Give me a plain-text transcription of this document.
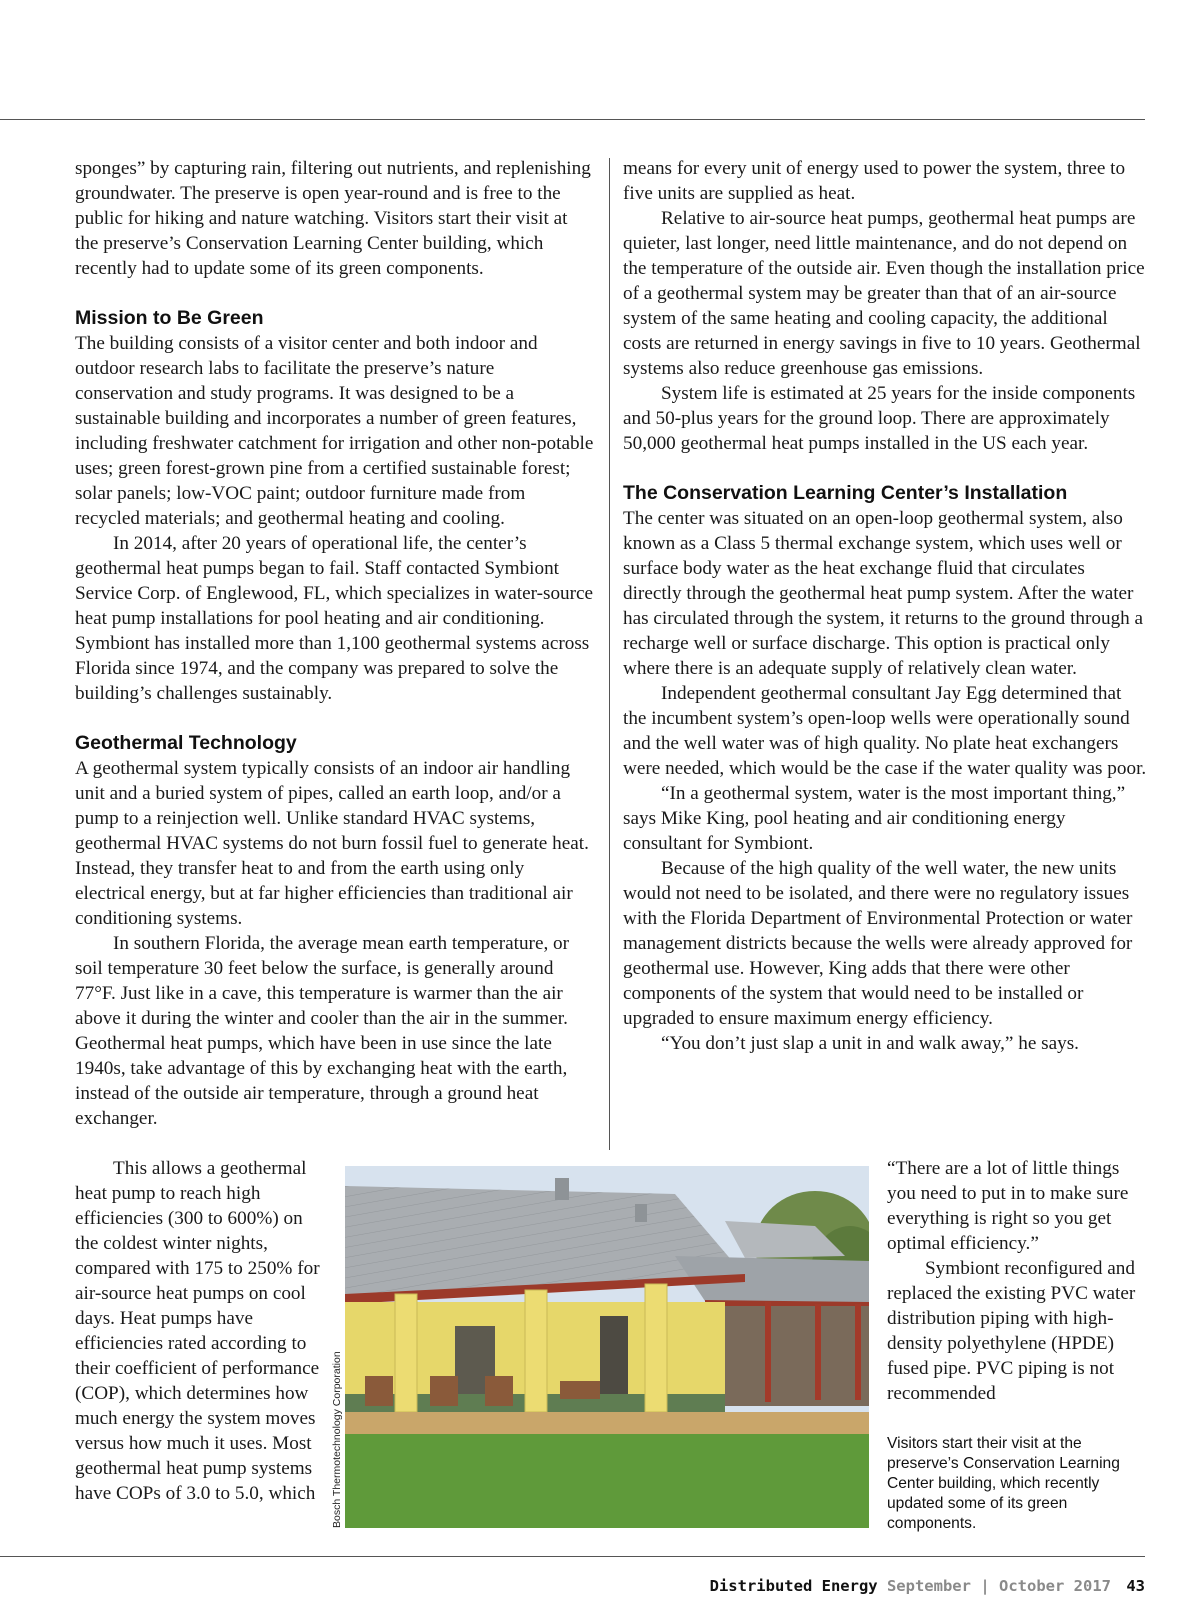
sponges” by capturing rain, filtering out nutrients, and replenishing groundwater. The preserve is open year-round and is free to the public for hiking and nature watching. Visitors start their visit at the preserve’s Conservation Learning Center building, which recently had to update some of its green components.

Mission to Be Green

The building consists of a visitor center and both indoor and outdoor research labs to facilitate the preserve’s nature conservation and study programs. It was designed to be a sustainable building and incorporates a number of green features, including freshwater catchment for irrigation and other non-potable uses; green forest-grown pine from a certified sustainable forest; solar panels; low-VOC paint; outdoor furniture made from recycled materials; and geothermal heating and cooling.

In 2014, after 20 years of operational life, the center’s geothermal heat pumps began to fail. Staff contacted Symbiont Service Corp. of Englewood, FL, which specializes in water-source heat pump installations for pool heating and air conditioning. Symbiont has installed more than 1,100 geothermal systems across Florida since 1974, and the company was prepared to solve the building’s challenges sustainably.

Geothermal Technology

A geothermal system typically consists of an indoor air handling unit and a buried system of pipes, called an earth loop, and/or a pump to a reinjection well. Unlike standard HVAC systems, geothermal HVAC systems do not burn fossil fuel to generate heat. Instead, they transfer heat to and from the earth using only electrical energy, but at far higher efficiencies than traditional air conditioning systems.

In southern Florida, the average mean earth temperature, or soil temperature 30 feet below the surface, is generally around 77°F. Just like in a cave, this temperature is warmer than the air above it during the winter and cooler than the air in the summer. Geothermal heat pumps, which have been in use since the late 1940s, take advantage of this by exchanging heat with the earth, instead of the outside air temperature, through a ground heat exchanger.

This allows a geothermal heat pump to reach high efficiencies (300 to 600%) on the coldest winter nights, compared with 175 to 250% for air-source heat pumps on cool days. Heat pumps have efficiencies rated according to their coefficient of performance (COP), which determines how much energy the system moves versus how much it uses. Most geothermal heat pump systems have COPs of 3.0 to 5.0, which

means for every unit of energy used to power the system, three to five units are supplied as heat.

Relative to air-source heat pumps, geothermal heat pumps are quieter, last longer, need little maintenance, and do not depend on the temperature of the outside air. Even though the installation price of a geothermal system may be greater than that of an air-source system of the same heating and cooling capacity, the additional costs are returned in energy savings in five to 10 years. Geothermal systems also reduce greenhouse gas emissions.

System life is estimated at 25 years for the inside components and 50-plus years for the ground loop. There are approximately 50,000 geothermal heat pumps installed in the US each year.

The Conservation Learning Center’s Installation

The center was situated on an open-loop geothermal system, also known as a Class 5 thermal exchange system, which uses well or surface body water as the heat exchange fluid that circulates directly through the geothermal heat pump system. After the water has circulated through the system, it returns to the ground through a recharge well or surface discharge. This option is practical only where there is an adequate supply of relatively clean water.

Independent geothermal consultant Jay Egg determined that the incumbent system’s open-loop wells were operationally sound and the well water was of high quality. No plate heat exchangers were needed, which would be the case if the water quality was poor.

“In a geothermal system, water is the most important thing,” says Mike King, pool heating and air conditioning energy consultant for Symbiont.

Because of the high quality of the well water, the new units would not need to be isolated, and there were no regulatory issues with the Florida Department of Environmental Protection or water management districts because the wells were already approved for geothermal use. However, King adds that there were other components of the system that would need to be installed or upgraded to ensure maximum energy efficiency.

“You don’t just slap a unit in and walk away,” he says.

“There are a lot of little things you need to put in to make sure everything is right so you get optimal efficiency.”

Symbiont reconfigured and replaced the existing PVC water distribution piping with high-density polyethylene (HPDE) fused pipe. PVC piping is not recommended

Bosch Thermotechnology Corporation	Visitors start their visit at the preserve’s Conservation Learning Center building, which recently updated some of its green components.
Distributed Energy September | October 2017 43
